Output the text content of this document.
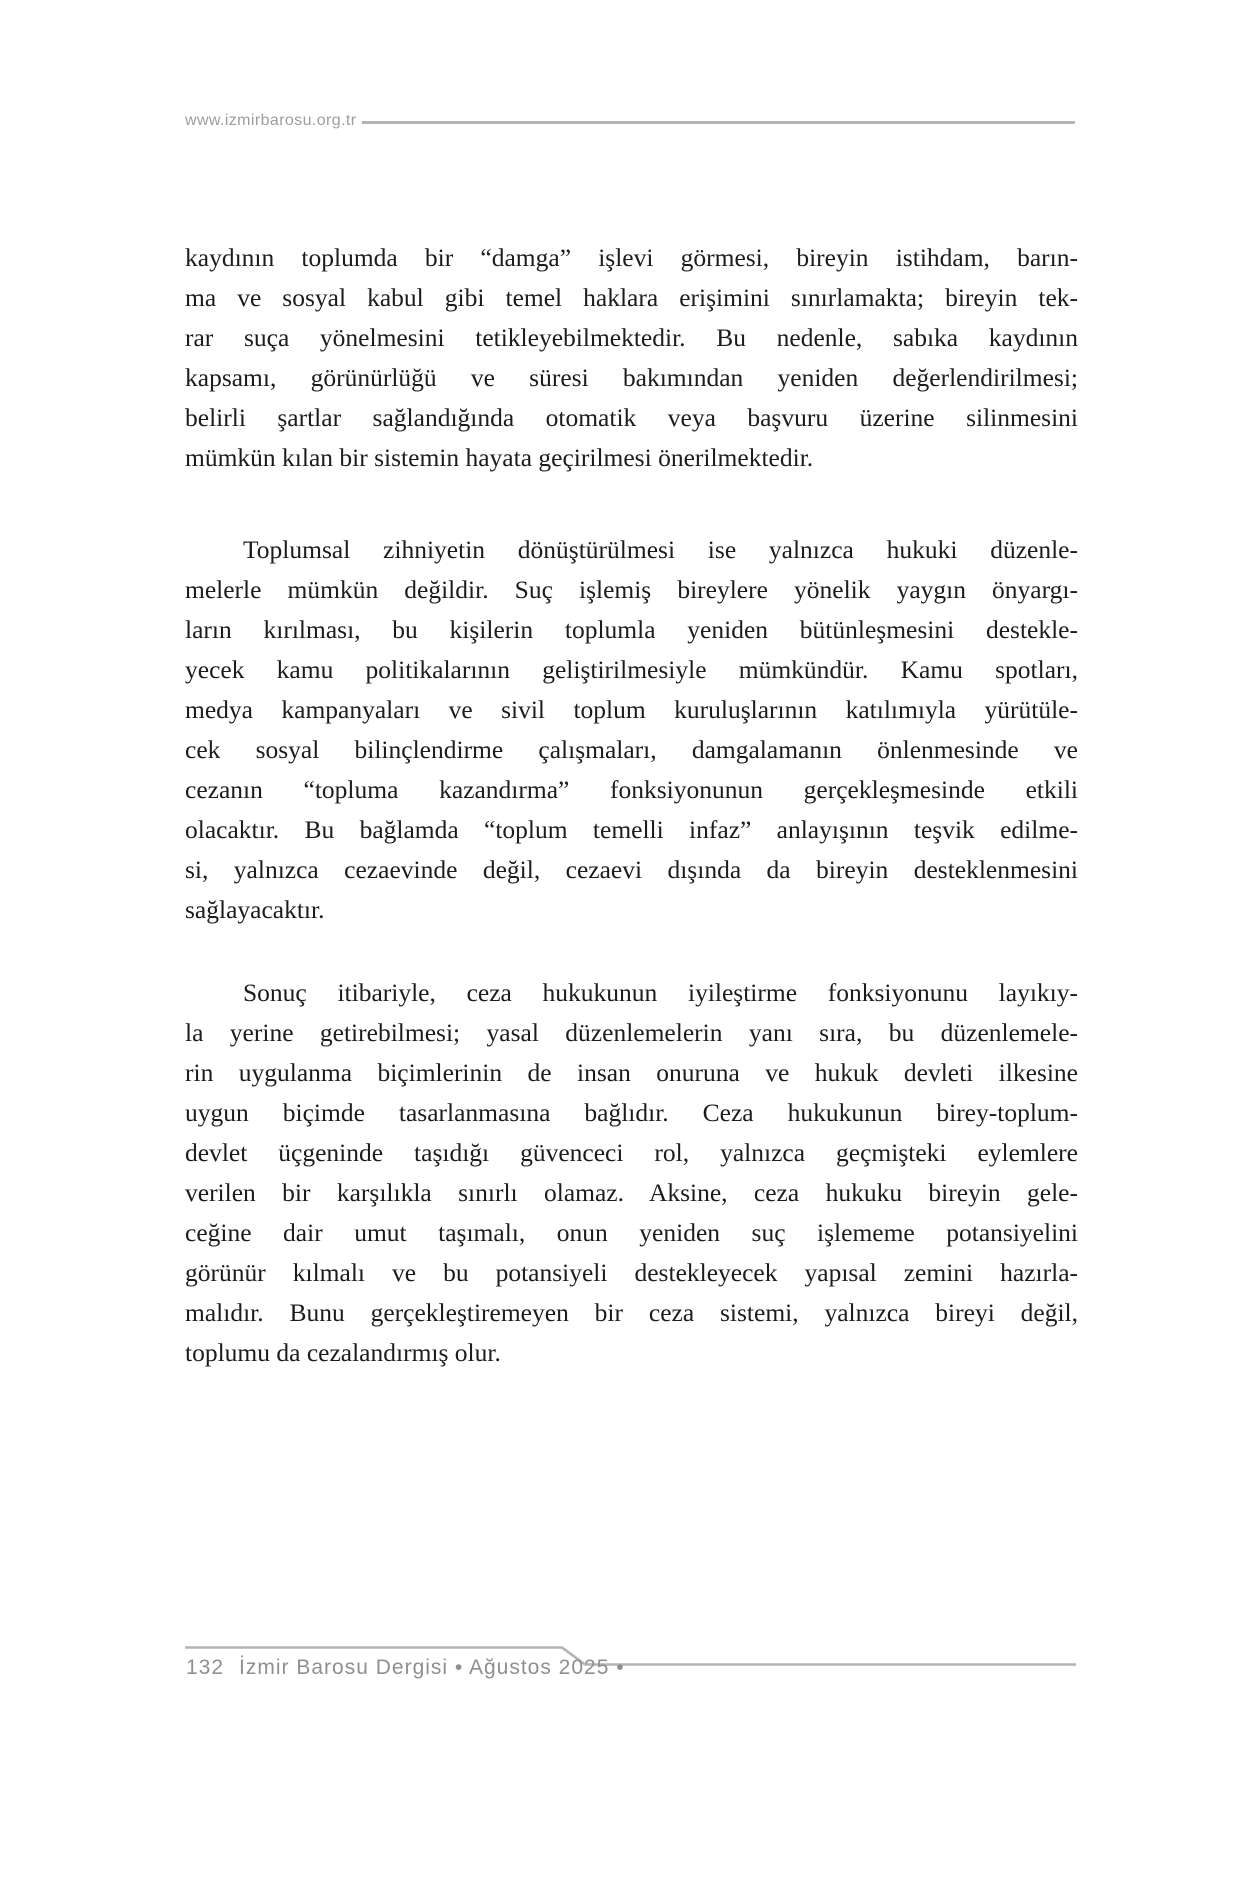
www.izmirbarosu.org.tr
kaydının toplumda bir “damga” işlevi görmesi, bireyin istihdam, barın-
ma ve sosyal kabul gibi temel haklara erişimini sınırlamakta; bireyin tek-
rar suça yönelmesini tetikleyebilmektedir. Bu nedenle, sabıka kaydının
kapsamı, görünürlüğü ve süresi bakımından yeniden değerlendirilmesi;
belirli şartlar sağlandığında otomatik veya başvuru üzerine silinmesini
mümkün kılan bir sistemin hayata geçirilmesi önerilmektedir.
Toplumsal zihniyetin dönüştürülmesi ise yalnızca hukuki düzenle-
melerle mümkün değildir. Suç işlemiş bireylere yönelik yaygın önyargı-
ların kırılması, bu kişilerin toplumla yeniden bütünleşmesini destekle-
yecek kamu politikalarının geliştirilmesiyle mümkündür. Kamu spotları,
medya kampanyaları ve sivil toplum kuruluşlarının katılımıyla yürütüle-
cek sosyal bilinçlendirme çalışmaları, damgalamanın önlenmesinde ve
cezanın “topluma kazandırma” fonksiyonunun gerçekleşmesinde etkili
olacaktır. Bu bağlamda “toplum temelli infaz” anlayışının teşvik edilme-
si, yalnızca cezaevinde değil, cezaevi dışında da bireyin desteklenmesini
sağlayacaktır.
Sonuç itibariyle, ceza hukukunun iyileştirme fonksiyonunu layıkıy-
la yerine getirebilmesi; yasal düzenlemelerin yanı sıra, bu düzenlemele-
rin uygulanma biçimlerinin de insan onuruna ve hukuk devleti ilkesine
uygun biçimde tasarlanmasına bağlıdır. Ceza hukukunun birey-toplum-
devlet üçgeninde taşıdığı güvenceci rol, yalnızca geçmişteki eylemlere
verilen bir karşılıkla sınırlı olamaz. Aksine, ceza hukuku bireyin gele-
ceğine dair umut taşımalı, onun yeniden suç işlememe potansiyelini
görünür kılmalı ve bu potansiyeli destekleyecek yapısal zemini hazırla-
malıdır. Bunu gerçekleştiremeyen bir ceza sistemi, yalnızca bireyi değil,
toplumu da cezalandırmış olur.
132 İzmir Barosu Dergisi • Ağustos 2025 •
